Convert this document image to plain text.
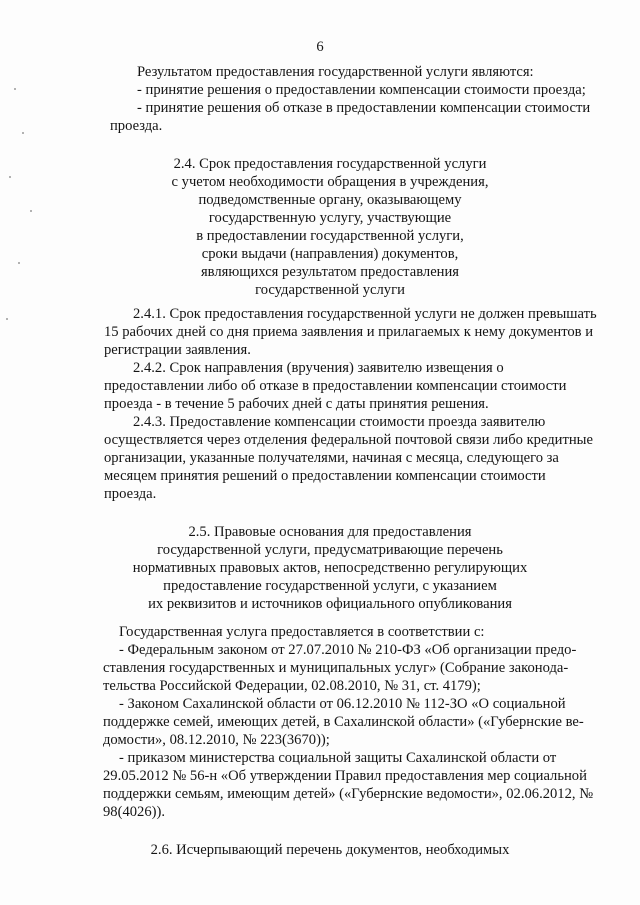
6
Результатом предоставления государственной услуги являются:
- принятие решения о предоставлении компенсации стоимости проезда;
- принятие решения об отказе в предоставлении компенсации стоимости
проезда.
2.4. Срок предоставления государственной услуги
с учетом необходимости обращения в учреждения,
подведомственные органу, оказывающему
государственную услугу, участвующие
в предоставлении государственной услуги,
сроки выдачи (направления) документов,
являющихся результатом предоставления
государственной услуги
2.4.1. Срок предоставления государственной услуги не должен превышать
15 рабочих дней со дня приема заявления и прилагаемых к нему документов и
регистрации заявления.
2.4.2. Срок направления (вручения) заявителю извещения о
предоставлении либо об отказе в предоставлении компенсации стоимости
проезда - в течение 5 рабочих дней с даты принятия решения.
2.4.3. Предоставление компенсации стоимости проезда заявителю
осуществляется через отделения федеральной почтовой связи либо кредитные
организации, указанные получателями, начиная с месяца, следующего за
месяцем принятия решений о предоставлении компенсации стоимости
проезда.
2.5. Правовые основания для предоставления
государственной услуги, предусматривающие перечень
нормативных правовых актов, непосредственно регулирующих
предоставление государственной услуги, с указанием
их реквизитов и источников официального опубликования
Государственная услуга предоставляется в соответствии с:
- Федеральным законом от 27.07.2010 № 210-ФЗ «Об организации предо-
ставления государственных и муниципальных услуг» (Собрание законода-
тельства Российской Федерации, 02.08.2010, № 31, ст. 4179);
- Законом Сахалинской области от 06.12.2010 № 112-ЗО «О социальной
поддержке семей, имеющих детей, в Сахалинской области» («Губернские ве-
домости», 08.12.2010, № 223(3670));
- приказом министерства социальной защиты Сахалинской области от
29.05.2012 № 56-н «Об утверждении Правил предоставления мер социальной
поддержки семьям, имеющим детей» («Губернские ведомости», 02.06.2012, №
98(4026)).
2.6. Исчерпывающий перечень документов, необходимых
